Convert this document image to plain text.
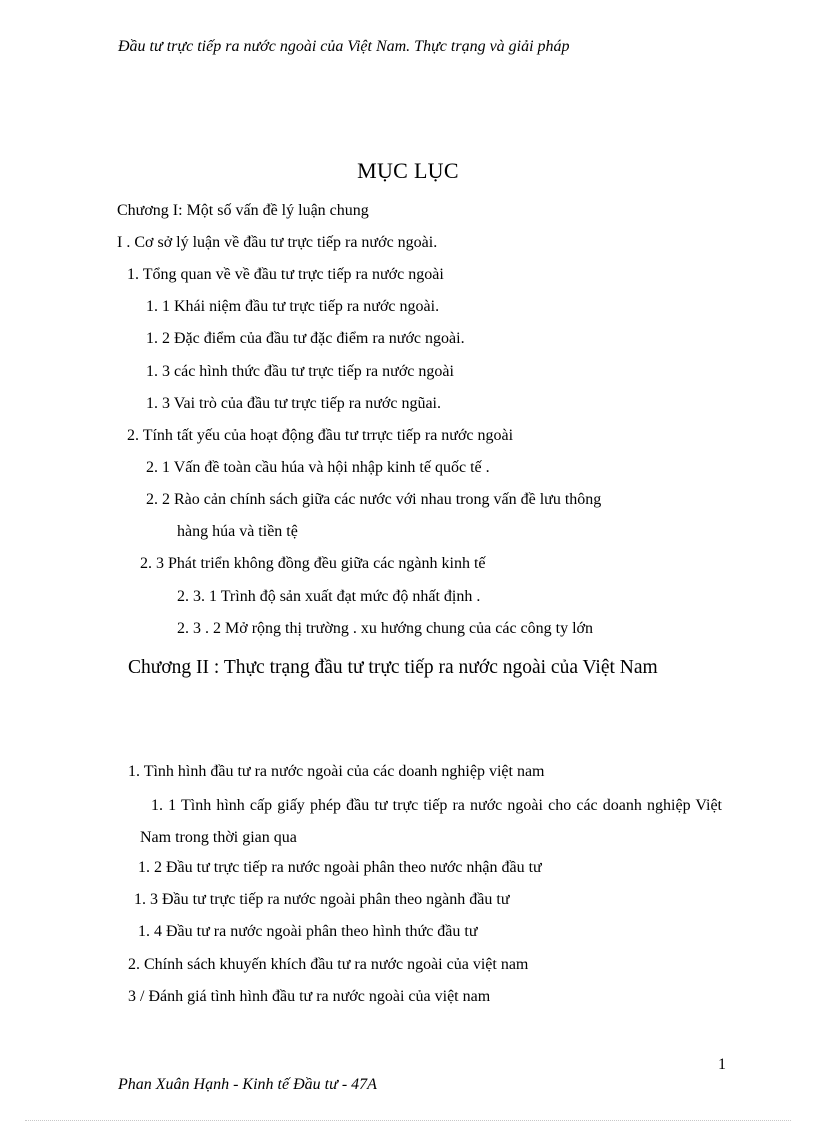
Đầu tư trực tiếp ra nước ngoài của Việt Nam. Thực trạng và giải pháp
MỤC LỤC
Chương I: Một số vấn đề lý luận chung
I . Cơ sở lý luận về đầu tư trực tiếp ra nước ngoài.
1. Tổng quan về về đầu tư trực tiếp ra nước ngoài
1. 1 Khái niệm đầu tư trực tiếp ra nước ngoài.
1. 2 Đặc điểm của đầu tư đặc điểm ra nước ngoài.
1. 3 các hình thức đầu tư trực tiếp ra nước ngoài
1. 3 Vai trò của đầu tư trực tiếp ra nước ngũai.
2. Tính tất yếu của hoạt động đầu tư trrực tiếp ra nước ngoài
2. 1 Vấn đề toàn cầu húa và hội nhập kinh tế quốc tế .
2. 2 Rào cản chính sách giữa các nước với nhau trong vấn đề lưu thông
hàng húa và tiền tệ
2. 3 Phát triển không đồng đều giữa các ngành kinh tế
2. 3. 1 Trình độ sản xuất đạt mức độ nhất định .
2. 3 . 2 Mở rộng thị trường . xu hướng chung của các công ty lớn
Chương II : Thực trạng đầu tư trực tiếp ra nước ngoài của Việt Nam
1. Tình hình đầu tư ra nước ngoài của các doanh nghiệp việt nam
1. 1 Tình hình cấp giấy phép đầu tư trực tiếp ra nước ngoài cho các doanh nghiệp Việt Nam trong thời gian qua
1. 2 Đầu tư trực tiếp ra nước ngoài phân theo nước nhận đầu tư
1. 3 Đầu tư trực tiếp ra nước ngoài phân theo ngành đầu tư
1. 4 Đầu tư ra nước ngoài phân theo hình thức đầu tư
2. Chính sách khuyến khích đầu tư ra nước ngoài của việt nam
3 / Đánh giá tình hình đầu tư ra nước ngoài của việt nam
1
Phan Xuân Hạnh - Kinh tế Đầu tư - 47A
